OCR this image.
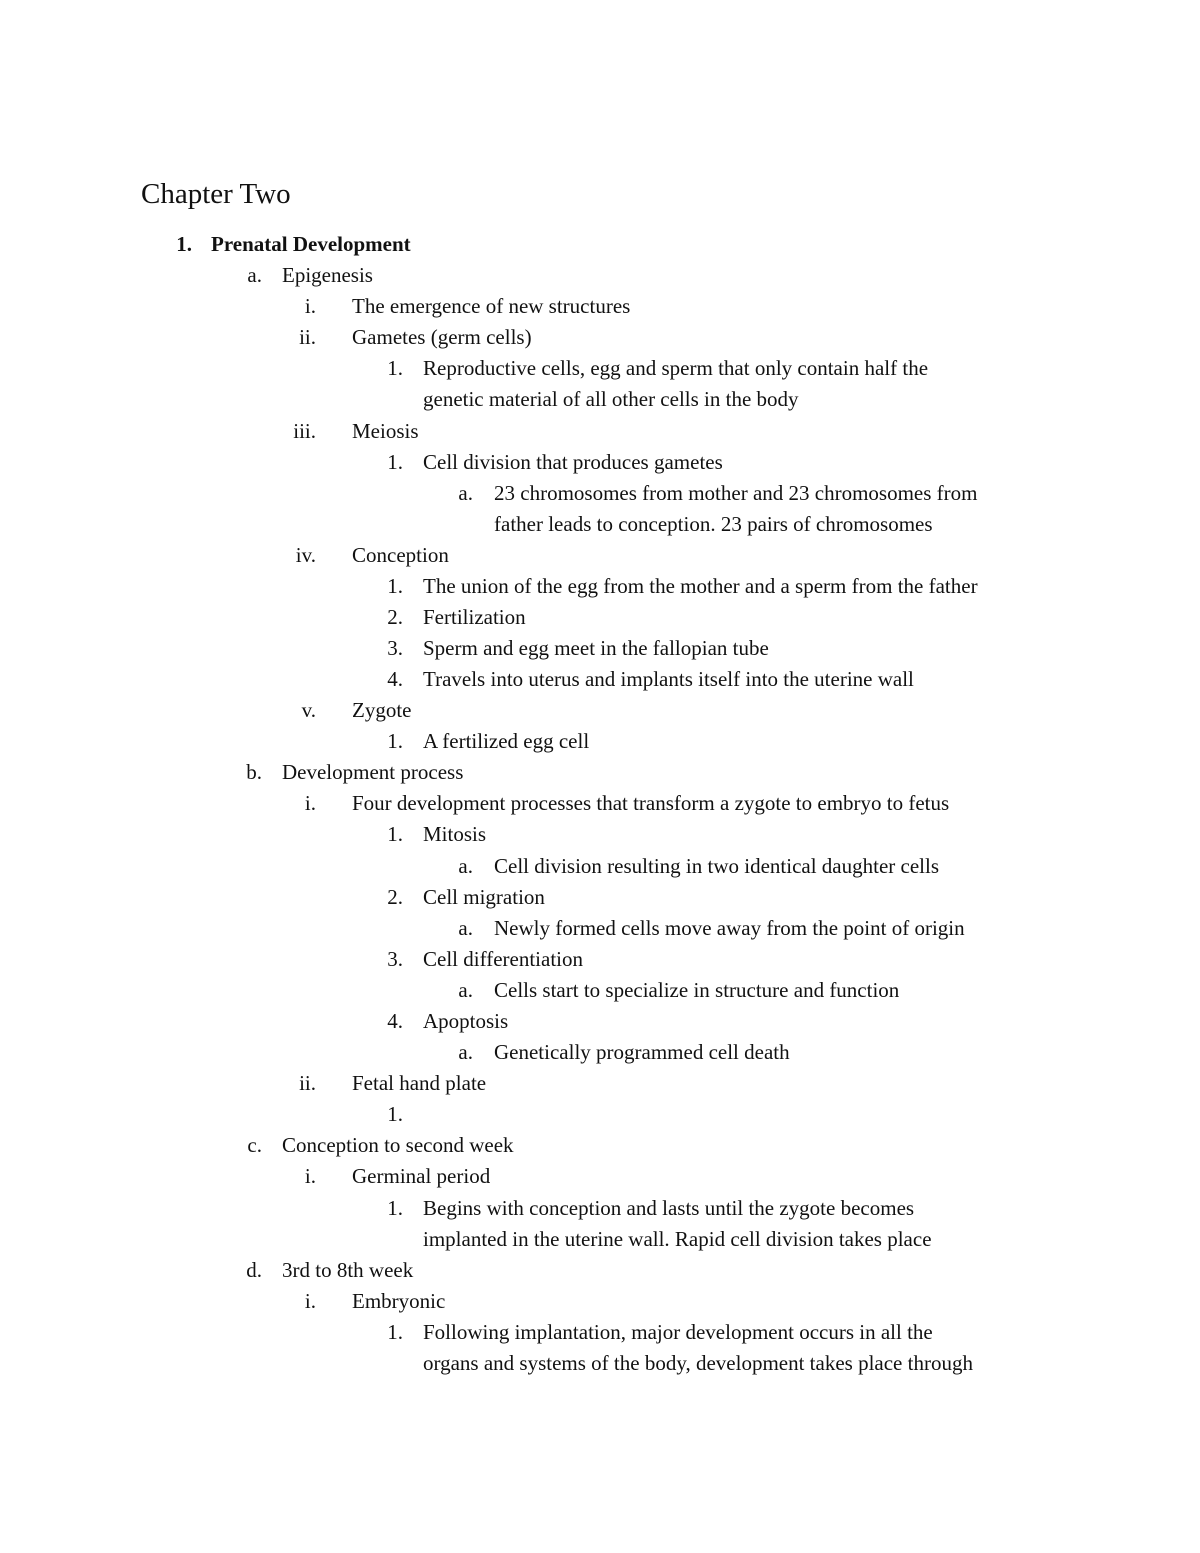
Chapter Two
1. Prenatal Development
a. Epigenesis
i. The emergence of new structures
ii. Gametes (germ cells)
1. Reproductive cells, egg and sperm that only contain half the
genetic material of all other cells in the body
iii. Meiosis
1. Cell division that produces gametes
a. 23 chromosomes from mother and 23 chromosomes from
father leads to conception. 23 pairs of chromosomes
iv. Conception
1. The union of the egg from the mother and a sperm from the father
2. Fertilization
3. Sperm and egg meet in the fallopian tube
4. Travels into uterus and implants itself into the uterine wall
v. Zygote
1. A fertilized egg cell
b. Development process
i. Four development processes that transform a zygote to embryo to fetus
1. Mitosis
a. Cell division resulting in two identical daughter cells
2. Cell migration
a. Newly formed cells move away from the point of origin
3. Cell differentiation
a. Cells start to specialize in structure and function
4. Apoptosis
a. Genetically programmed cell death
ii. Fetal hand plate
1.
c. Conception to second week
i. Germinal period
1. Begins with conception and lasts until the zygote becomes
implanted in the uterine wall. Rapid cell division takes place
d. 3rd to 8th week
i. Embryonic
1. Following implantation, major development occurs in all the
organs and systems of the body, development takes place through
